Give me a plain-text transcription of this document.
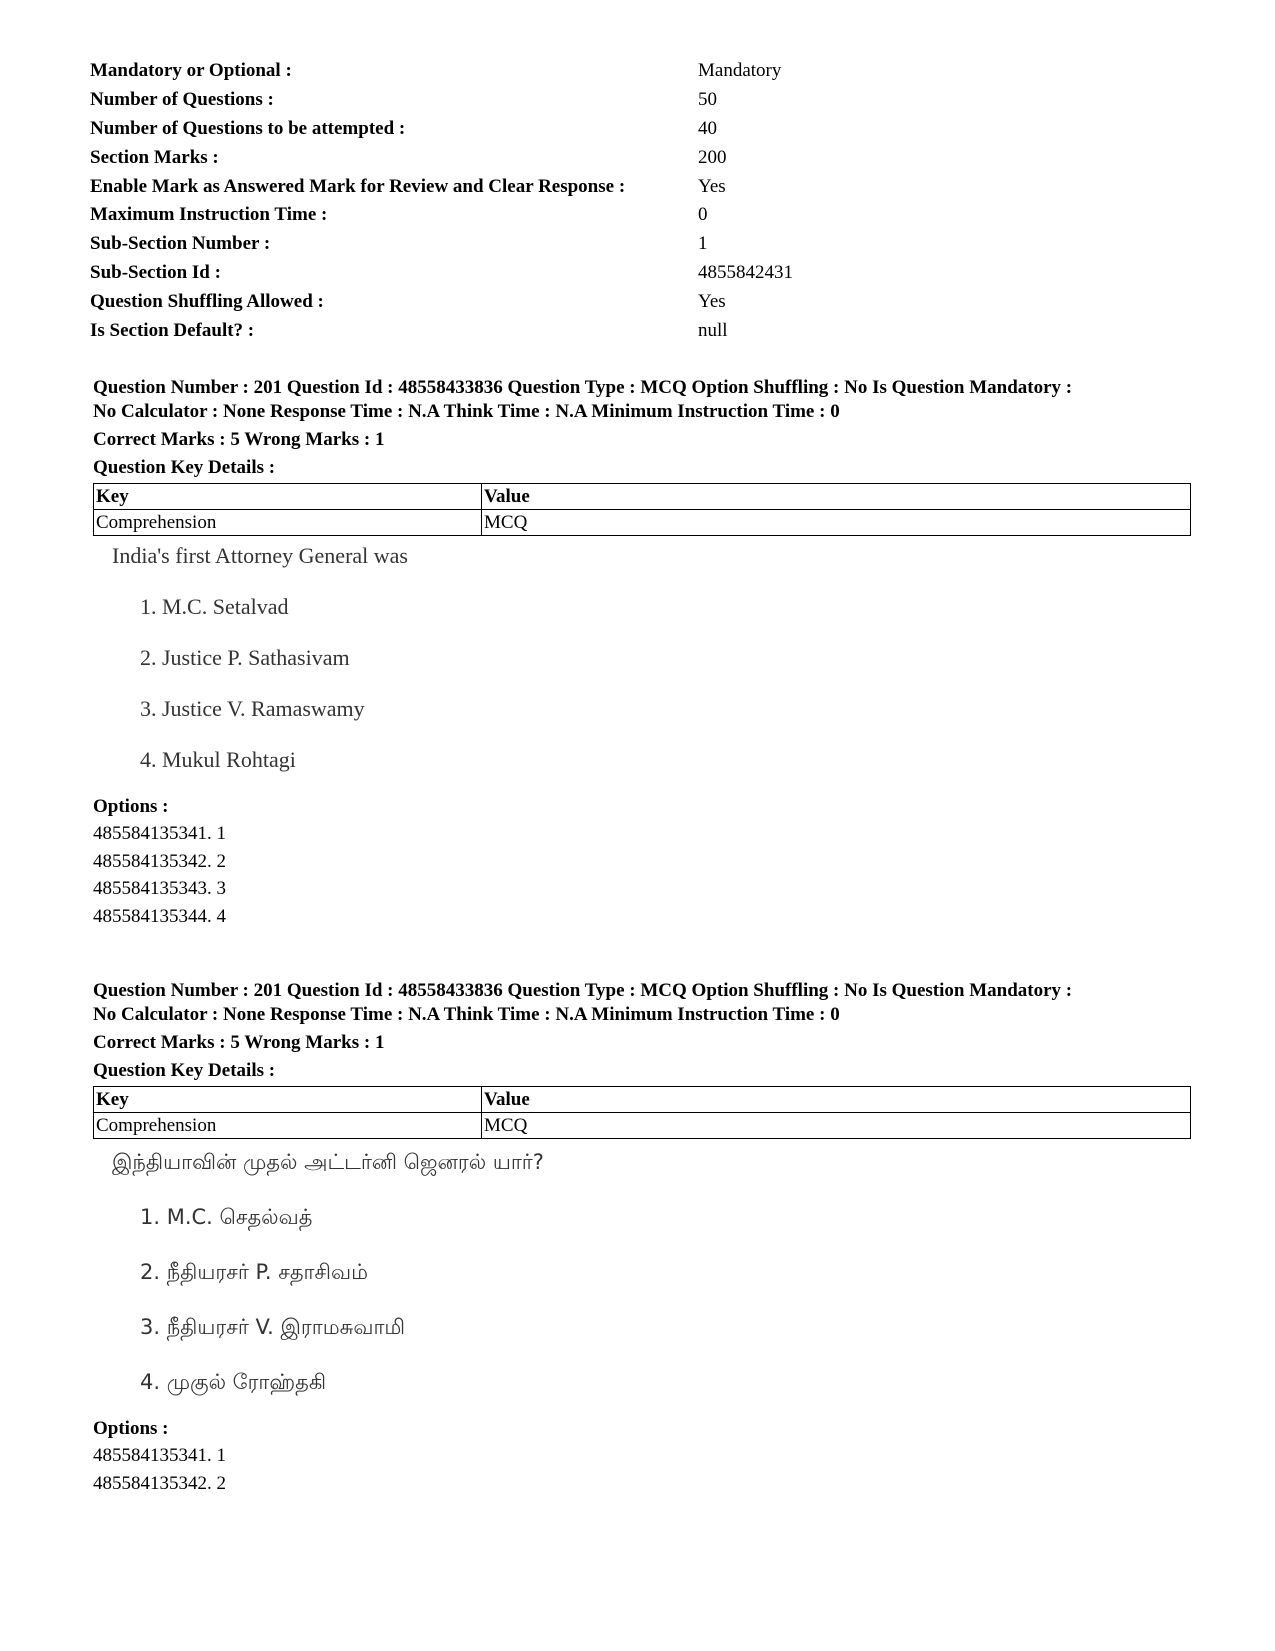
Mandatory or Optional :	Mandatory
Number of Questions :	50
Number of Questions to be attempted :	40
Section Marks :	200
Enable Mark as Answered Mark for Review and Clear Response :	Yes
Maximum Instruction Time :	0
Sub-Section Number :	1
Sub-Section Id :	4855842431
Question Shuffling Allowed :	Yes
Is Section Default? :	null
Question Number : 201 Question Id : 48558433836 Question Type : MCQ Option Shuffling : No Is Question Mandatory :
No Calculator : None Response Time : N.A Think Time : N.A Minimum Instruction Time : 0
Correct Marks : 5 Wrong Marks : 1
Question Key Details :
Key	Value
Comprehension	MCQ
India's first Attorney General was
1. M.C. Setalvad
2. Justice P. Sathasivam
3. Justice V. Ramaswamy
4. Mukul Rohtagi
Options :
485584135341. 1
485584135342. 2
485584135343. 3
485584135344. 4
Question Number : 201 Question Id : 48558433836 Question Type : MCQ Option Shuffling : No Is Question Mandatory :
No Calculator : None Response Time : N.A Think Time : N.A Minimum Instruction Time : 0
Correct Marks : 5 Wrong Marks : 1
Question Key Details :
Key	Value
Comprehension	MCQ
இந்தியாவின் முதல் அட்டர்னி ஜெனரல் யார்?
1. M.C. செதல்வத்
2. நீதியரசர் P. சதாசிவம்
3. நீதியரசர் V. இராமசுவாமி
4. முகுல் ரோஹ்தகி
Options :
485584135341. 1
485584135342. 2
